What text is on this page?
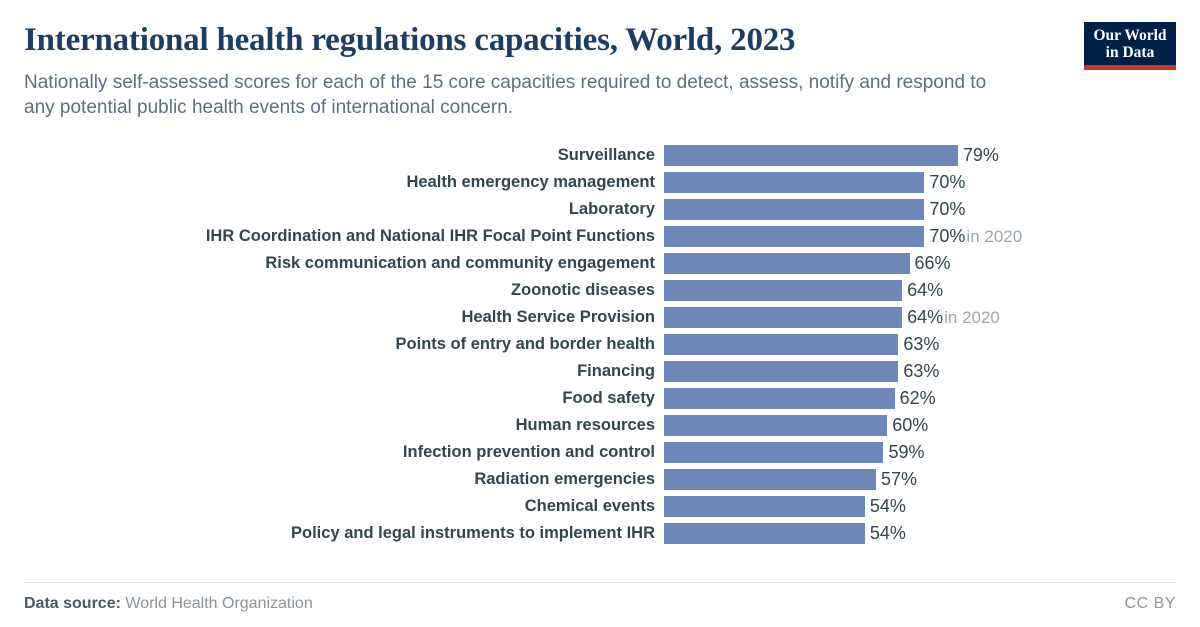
International health regulations capacities, World, 2023

Nationally self-assessed scores for each of the 15 core capacities required to detect, assess, notify and respond to any potential public health events of international concern.

Our World
in Data
Surveillance	79%
Health emergency management	70%
Laboratory	70%
IHR Coordination and National IHR Focal Point Functions	70% in 2020
Risk communication and community engagement	66%
Zoonotic diseases	64%
Health Service Provision	64% in 2020
Points of entry and border health	63%
Financing	63%
Food safety	62%
Human resources	60%
Infection prevention and control	59%
Radiation emergencies	57%
Chemical events	54%
Policy and legal instruments to implement IHR	54%
Data source: World Health Organization	CC BY
